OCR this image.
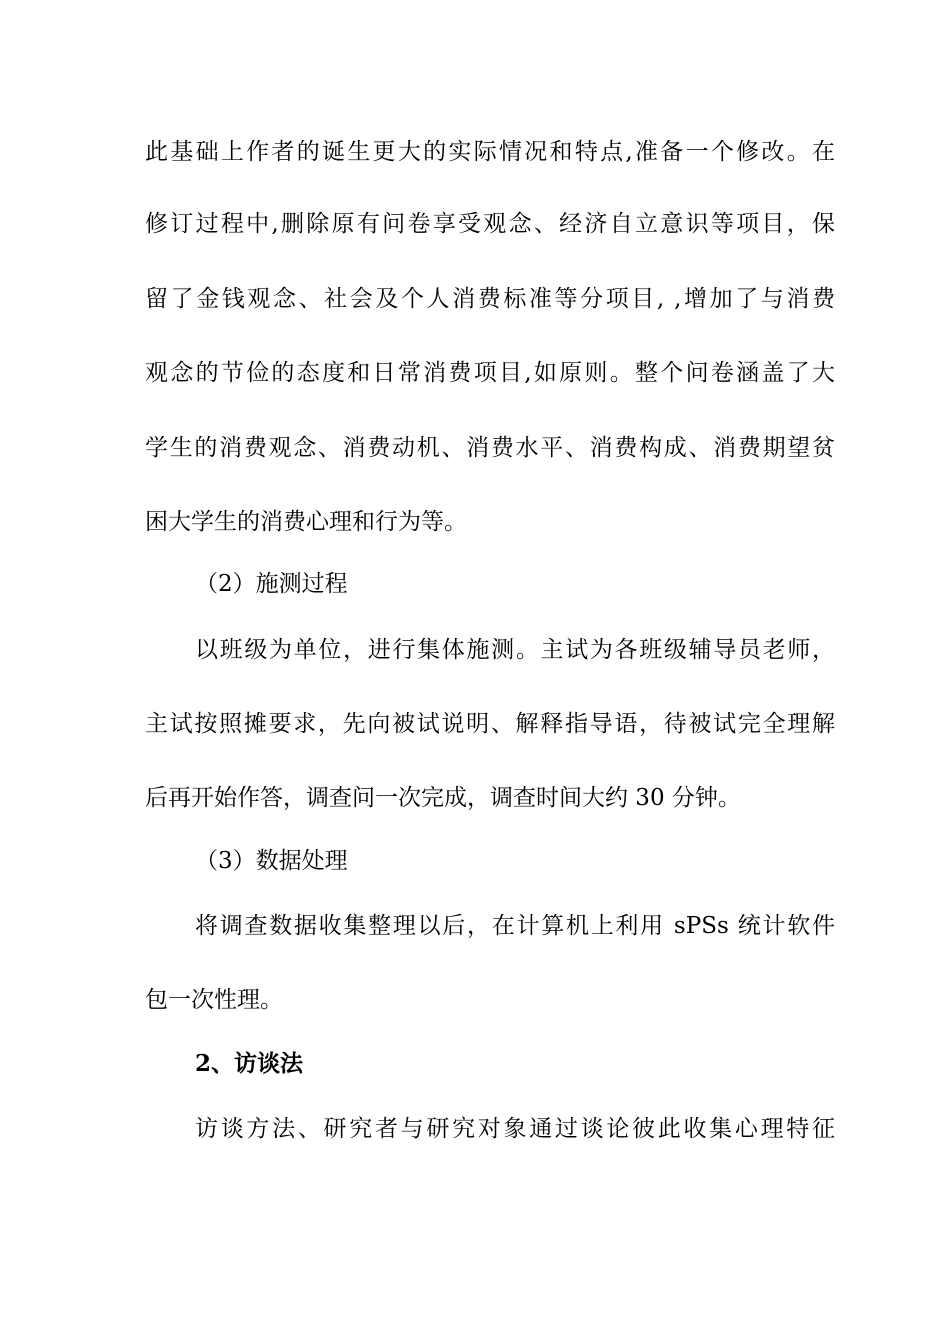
此基础上作者的诞生更大的实际情况和特点,准备一个修改。在
修订过程中,删除原有问卷享受观念、经济自立意识等项目，保
留了金钱观念、社会及个人消费标准等分项目, ,增加了与消费
观念的节俭的态度和日常消费项目,如原则。整个问卷涵盖了大
学生的消费观念、消费动机、消费水平、消费构成、消费期望贫
困大学生的消费心理和行为等。
（2）施测过程
以班级为单位，进行集体施测。主试为各班级辅导员老师，
主试按照摊要求，先向被试说明、解释指导语，待被试完全理解
后再开始作答，调查问一次完成，调查时间大约 30 分钟。
（3）数据处理
将调查数据收集整理以后，在计算机上利用 sPSs 统计软件
包一次性理。
2、访谈法
访谈方法、研究者与研究对象通过谈论彼此收集心理特征
